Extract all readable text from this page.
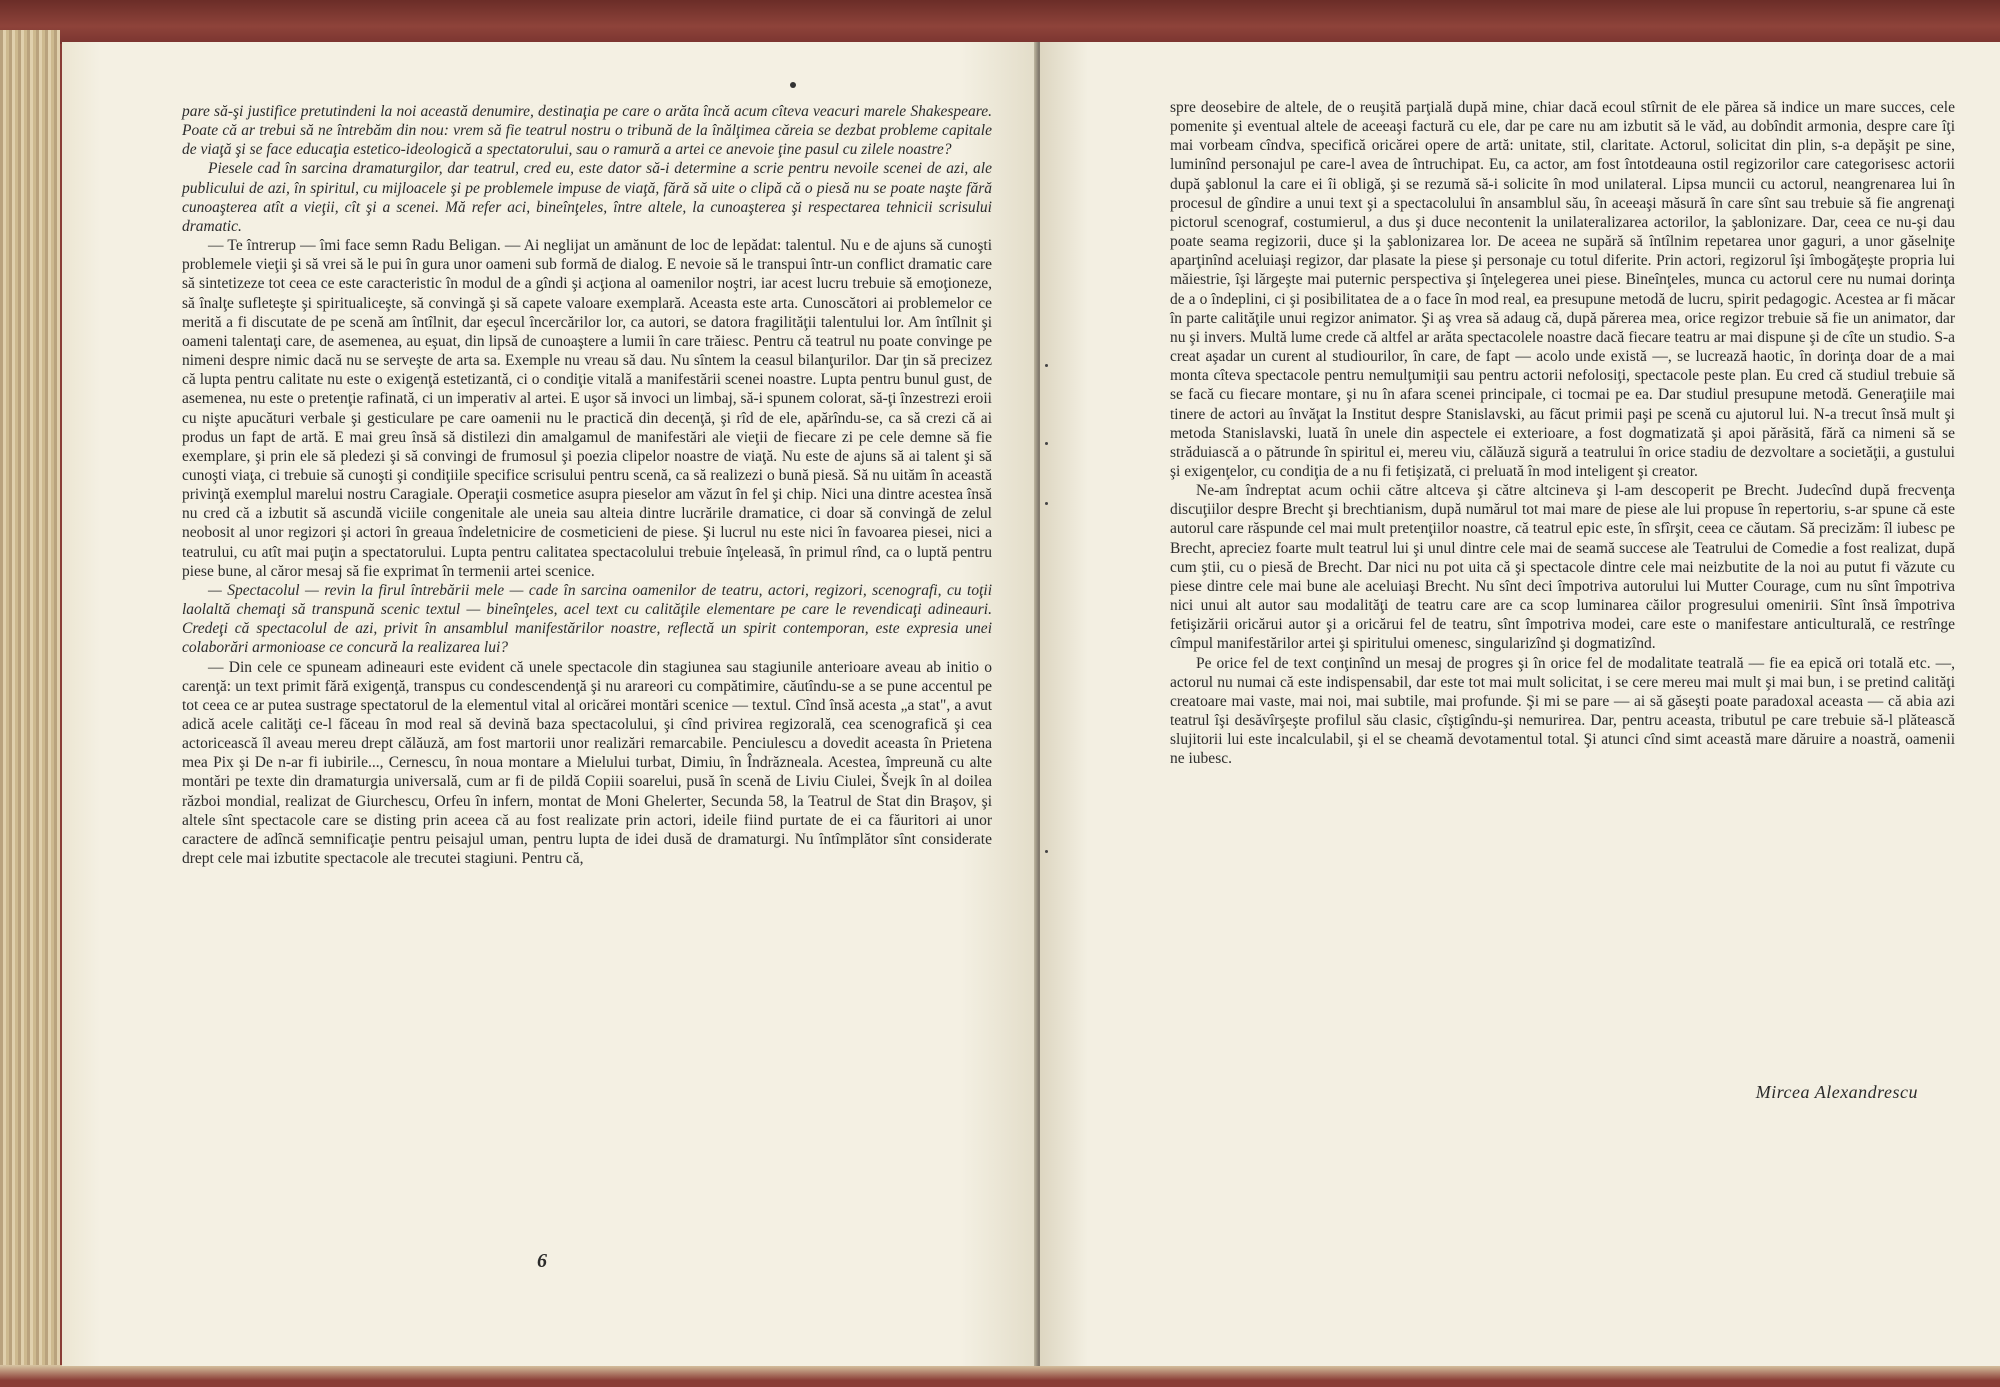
pare să-şi justifice pretutindeni la noi această denumire, destinaţia pe care o arăta încă acum cîteva veacuri marele Shakespeare. Poate că ar trebui să ne întrebăm din nou: vrem să fie teatrul nostru o tribună de la înălţimea căreia se dezbat probleme capitale de viaţă şi se face educaţia estetico-ideologică a spectatorului, sau o ramură a artei ce anevoie ţine pasul cu zilele noastre?

Piesele cad în sarcina dramaturgilor, dar teatrul, cred eu, este dator să-i determine a scrie pentru nevoile scenei de azi, ale publicului de azi, în spiritul, cu mijloacele şi pe problemele impuse de viaţă, fără să uite o clipă că o piesă nu se poate naşte fără cunoaşterea atît a vieţii, cît şi a scenei. Mă refer aci, bineînţeles, între altele, la cunoaşterea şi respectarea tehnicii scrisului dramatic.

— Te întrerup — îmi face semn Radu Beligan. — Ai neglijat un amănunt de loc de lepădat: talentul. Nu e de ajuns să cunoşti problemele vieţii şi să vrei să le pui în gura unor oameni sub formă de dialog. E nevoie să le transpui într-un conflict dramatic care să sintetizeze tot ceea ce este caracteristic în modul de a gîndi şi acţiona al oamenilor noştri, iar acest lucru trebuie să emoţioneze, să înalţe sufleteşte şi spiritualiceşte, să convingă şi să capete valoare exemplară. Aceasta este arta. Cunoscători ai problemelor ce merită a fi discutate de pe scenă am întîlnit, dar eşecul încercărilor lor, ca autori, se datora fragilităţii talentului lor. Am întîlnit şi oameni talentaţi care, de asemenea, au eşuat, din lipsă de cunoaştere a lumii în care trăiesc. Pentru că teatrul nu poate convinge pe nimeni despre nimic dacă nu se serveşte de arta sa. Exemple nu vreau să dau. Nu sîntem la ceasul bilanţurilor. Dar ţin să precizez că lupta pentru calitate nu este o exigenţă estetizantă, ci o condiţie vitală a manifestării scenei noastre. Lupta pentru bunul gust, de asemenea, nu este o pretenţie rafinată, ci un imperativ al artei. E uşor să invoci un limbaj, să-i spunem colorat, să-ţi înzestrezi eroii cu nişte apucături verbale şi gesticulare pe care oamenii nu le practică din decenţă, şi rîd de ele, apărîndu-se, ca să crezi că ai produs un fapt de artă. E mai greu însă să distilezi din amalgamul de manifestări ale vieţii de fiecare zi pe cele demne să fie exemplare, şi prin ele să pledezi şi să convingi de frumosul şi poezia clipelor noastre de viaţă. Nu este de ajuns să ai talent şi să cunoşti viaţa, ci trebuie să cunoşti şi condiţiile specifice scrisului pentru scenă, ca să realizezi o bună piesă. Să nu uităm în această privinţă exemplul marelui nostru Caragiale. Operaţii cosmetice asupra pieselor am văzut în fel şi chip. Nici una dintre acestea însă nu cred că a izbutit să ascundă viciile congenitale ale uneia sau alteia dintre lucrările dramatice, ci doar să convingă de zelul neobosit al unor regizori şi actori în greaua îndeletnicire de cosmeticieni de piese. Şi lucrul nu este nici în favoarea piesei, nici a teatrului, cu atît mai puţin a spectatorului. Lupta pentru calitatea spectacolului trebuie înţeleasă, în primul rînd, ca o luptă pentru piese bune, al căror mesaj să fie exprimat în termenii artei scenice.

— Spectacolul — revin la firul întrebării mele — cade în sarcina oamenilor de teatru, actori, regizori, scenografi, cu toţii laolaltă chemaţi să transpună scenic textul — bineînţeles, acel text cu calităţile elementare pe care le revendicaţi adineauri. Credeţi că spectacolul de azi, privit în ansamblul manifestărilor noastre, reflectă un spirit contemporan, este expresia unei colaborări armonioase ce concură la realizarea lui?

— Din cele ce spuneam adineauri este evident că unele spectacole din stagiunea sau stagiunile anterioare aveau ab initio o carenţă: un text primit fără exigenţă, transpus cu condescendenţă şi nu arareori cu compătimire, căutîndu-se a se pune accentul pe tot ceea ce ar putea sustrage spectatorul de la elementul vital al oricărei montări scenice — textul. Cînd însă acesta „a stat", a avut adică acele calităţi ce-l făceau în mod real să devină baza spectacolului, şi cînd privirea regizorală, cea scenografică şi cea actoricească îl aveau mereu drept călăuză, am fost martorii unor realizări remarcabile. Penciulescu a dovedit aceasta în Prietena mea Pix şi De n-ar fi iubirile..., Cernescu, în noua montare a Mielului turbat, Dimiu, în Îndrăzneala. Acestea, împreună cu alte montări pe texte din dramaturgia universală, cum ar fi de pildă Copiii soarelui, pusă în scenă de Liviu Ciulei, Švejk în al doilea război mondial, realizat de Giurchescu, Orfeu în infern, montat de Moni Ghelerter, Secunda 58, la Teatrul de Stat din Braşov, şi altele sînt spectacole care se disting prin aceea că au fost realizate prin actori, ideile fiind purtate de ei ca făuritori ai unor caractere de adîncă semnificaţie pentru peisajul uman, pentru lupta de idei dusă de dramaturgi. Nu întîmplător sînt considerate drept cele mai izbutite spectacole ale trecutei stagiuni. Pentru că,

6

spre deosebire de altele, de o reuşită parţială după mine, chiar dacă ecoul stîrnit de ele părea să indice un mare succes, cele pomenite şi eventual altele de aceeaşi factură cu ele, dar pe care nu am izbutit să le văd, au dobîndit armonia, despre care îţi mai vorbeam cîndva, specifică oricărei opere de artă: unitate, stil, claritate. Actorul, solicitat din plin, s-a depăşit pe sine, luminînd personajul pe care-l avea de întruchipat. Eu, ca actor, am fost întotdeauna ostil regizorilor care categorisesc actorii după şablonul la care ei îi obligă, şi se rezumă să-i solicite în mod unilateral. Lipsa muncii cu actorul, neangrenarea lui în procesul de gîndire a unui text şi a spectacolului în ansamblul său, în aceeaşi măsură în care sînt sau trebuie să fie angrenaţi pictorul scenograf, costumierul, a dus şi duce necontenit la unilateralizarea actorilor, la şablonizare. Dar, ceea ce nu-şi dau poate seama regizorii, duce şi la şablonizarea lor. De aceea ne supără să întîlnim repetarea unor gaguri, a unor găselniţe aparţinînd aceluiaşi regizor, dar plasate la piese şi personaje cu totul diferite. Prin actori, regizorul îşi îmbogăţeşte propria lui măiestrie, îşi lărgeşte mai puternic perspectiva şi înţelegerea unei piese. Bineînţeles, munca cu actorul cere nu numai dorinţa de a o îndeplini, ci şi posibilitatea de a o face în mod real, ea presupune metodă de lucru, spirit pedagogic. Acestea ar fi măcar în parte calităţile unui regizor animator. Şi aş vrea să adaug că, după părerea mea, orice regizor trebuie să fie un animator, dar nu şi invers. Multă lume crede că altfel ar arăta spectacolele noastre dacă fiecare teatru ar mai dispune şi de cîte un studio. S-a creat aşadar un curent al studiourilor, în care, de fapt — acolo unde există —, se lucrează haotic, în dorinţa doar de a mai monta cîteva spectacole pentru nemulţumiţii sau pentru actorii nefolosiţi, spectacole peste plan. Eu cred că studiul trebuie să se facă cu fiecare montare, şi nu în afara scenei principale, ci tocmai pe ea. Dar studiul presupune metodă. Generaţiile mai tinere de actori au învăţat la Institut despre Stanislavski, au făcut primii paşi pe scenă cu ajutorul lui. N-a trecut însă mult şi metoda Stanislavski, luată în unele din aspectele ei exterioare, a fost dogmatizată şi apoi părăsită, fără ca nimeni să se străduiască a o pătrunde în spiritul ei, mereu viu, călăuză sigură a teatrului în orice stadiu de dezvoltare a societăţii, a gustului şi exigenţelor, cu condiţia de a nu fi fetişizată, ci preluată în mod inteligent şi creator.

Ne-am îndreptat acum ochii către altceva şi către altcineva şi l-am descoperit pe Brecht. Judecînd după frecvenţa discuţiilor despre Brecht şi brechtianism, după numărul tot mai mare de piese ale lui propuse în repertoriu, s-ar spune că este autorul care răspunde cel mai mult pretenţiilor noastre, că teatrul epic este, în sfîrşit, ceea ce căutam. Să precizăm: îl iubesc pe Brecht, apreciez foarte mult teatrul lui şi unul dintre cele mai de seamă succese ale Teatrului de Comedie a fost realizat, după cum ştii, cu o piesă de Brecht. Dar nici nu pot uita că şi spectacole dintre cele mai neizbutite de la noi au putut fi văzute cu piese dintre cele mai bune ale aceluiaşi Brecht. Nu sînt deci împotriva autorului lui Mutter Courage, cum nu sînt împotriva nici unui alt autor sau modalităţi de teatru care are ca scop luminarea căilor progresului omenirii. Sînt însă împotriva fetişizării oricărui autor şi a oricărui fel de teatru, sînt împotriva modei, care este o manifestare anticulturală, ce restrînge cîmpul manifestărilor artei şi spiritului omenesc, singularizînd şi dogmatizînd.

Pe orice fel de text conţinînd un mesaj de progres şi în orice fel de modalitate teatrală — fie ea epică ori totală etc. —, actorul nu numai că este indispensabil, dar este tot mai mult solicitat, i se cere mereu mai mult şi mai bun, i se pretind calităţi creatoare mai vaste, mai noi, mai subtile, mai profunde. Şi mi se pare — ai să găseşti poate paradoxal aceasta — că abia azi teatrul îşi desăvîrşeşte profilul său clasic, cîştigîndu-şi nemurirea. Dar, pentru aceasta, tributul pe care trebuie să-l plătească slujitorii lui este incalculabil, şi el se cheamă devotamentul total. Şi atunci cînd simt această mare dăruire a noastră, oamenii ne iubesc.

Mircea Alexandrescu
